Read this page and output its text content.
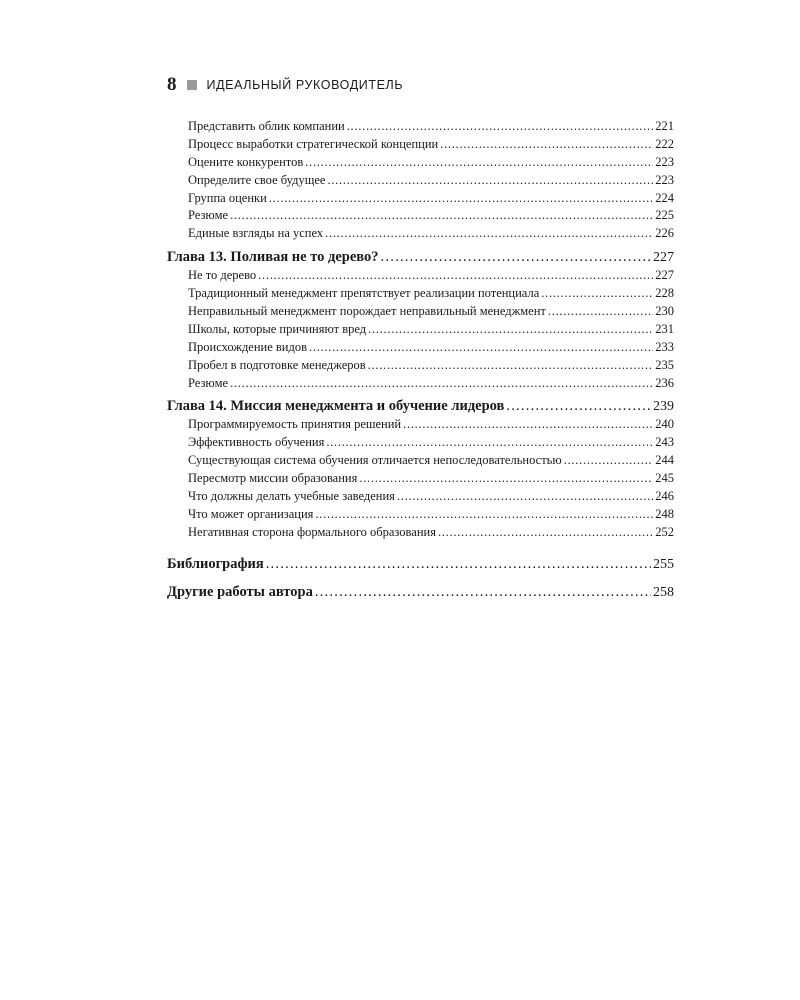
8 ИДЕАЛЬНЫЙ РУКОВОДИТЕЛЬ
Представить облик компании . . .	221
Процесс выработки стратегической концепции . . .	222
Оцените конкурентов . . .	223
Определите свое будущее . . .	223
Группа оценки . . .	224
Резюме . . .	225
Единые взгляды на успех . . .	226
Глава 13. Поливая не то дерево? . . .	227
Не то дерево . . .	227
Традиционный менеджмент препятствует реализации потенциала . . .	228
Неправильный менеджмент порождает неправильный менеджмент . . .	230
Школы, которые причиняют вред . . .	231
Происхождение видов . . .	233
Пробел в подготовке менеджеров . . .	235
Резюме . . .	236
Глава 14. Миссия менеджмента и обучение лидеров . . .	239
Программируемость принятия решений . . .	240
Эффективность обучения . . .	243
Существующая система обучения отличается непоследовательностью . . .	244
Пересмотр миссии образования . . .	245
Что должны делать учебные заведения . . .	246
Что может организация . . .	248
Негативная сторона формального образования . . .	252
Библиография . . .	255
Другие работы автора . . .	258
